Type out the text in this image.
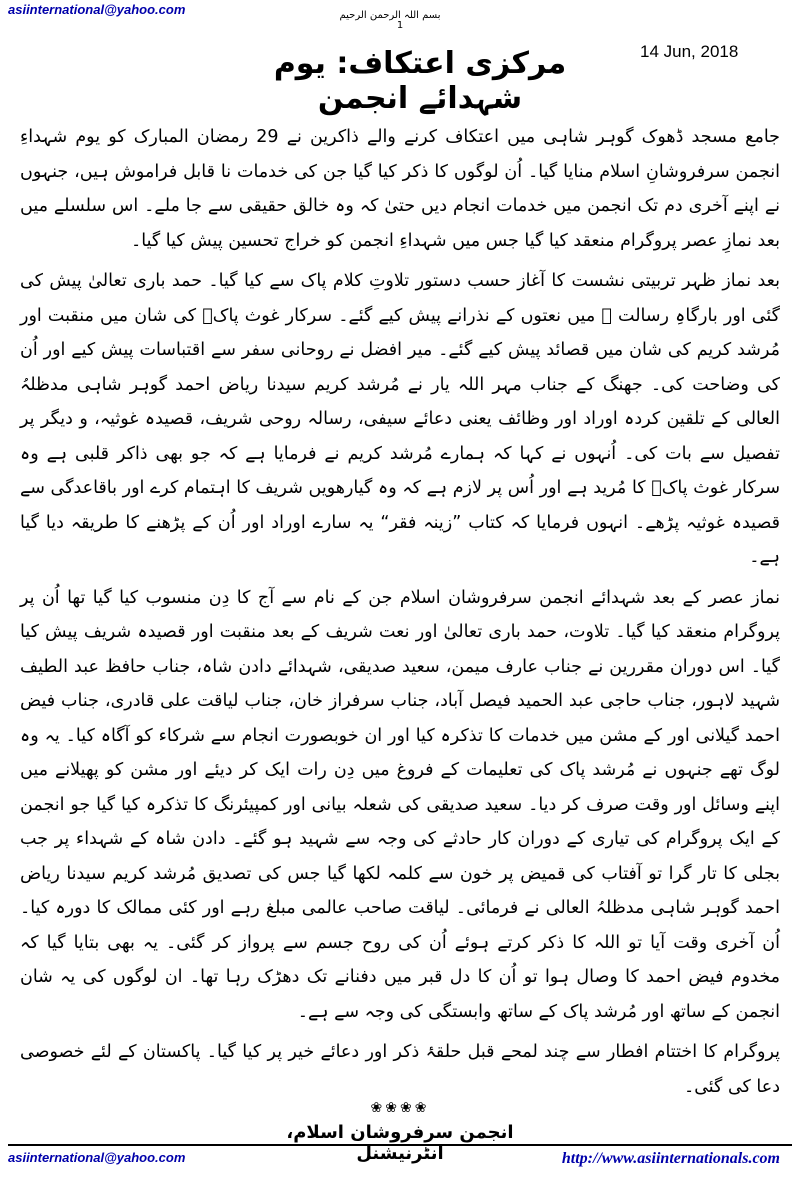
asiinternational@yahoo.com	بسم اللہ الرحمن الرحیم
1
14 Jun, 2018
مرکزی اعتکاف: یوم شہدائے انجمن

جامع مسجد ڈھوک گوہر شاہی میں اعتکاف کرنے والے ذاکرین نے 29 رمضان المبارک کو یوم شہداءِ انجمن سرفروشانِ اسلام منایا گیا۔ اُن لوگوں کا ذکر کیا گیا جن کی خدمات نا قابل فراموش ہیں، جنہوں نے اپنے آخری دم تک انجمن میں خدمات انجام دیں حتیٰ کہ وہ خالق حقیقی سے جا ملے۔ اس سلسلے میں بعد نمازِ عصر پروگرام منعقد کیا گیا جس میں شہداءِ انجمن کو خراج تحسین پیش کیا گیا۔

بعد نماز ظہر تربیتی نشست کا آغاز حسب دستور تلاوتِ کلام پاک سے کیا گیا۔ حمد باری تعالیٰ پیش کی گئی اور بارگاہِ رسالت ﷺ میں نعتوں کے نذرانے پیش کیے گئے۔ سرکار غوث پاکؓ کی شان میں منقبت اور مُرشد کریم کی شان میں قصائد پیش کیے گئے۔ میر افضل نے روحانی سفر سے اقتباسات پیش کیے اور اُن کی وضاحت کی۔ جھنگ کے جناب مہر اللہ یار نے مُرشد کریم سیدنا ریاض احمد گوہر شاہی مدظلہُ العالی کے تلقین کردہ اوراد اور وظائف یعنی دعائے سیفی، رسالہ روحی شریف، قصیدہ غوثیہ، و دیگر پر تفصیل سے بات کی۔ اُنہوں نے کہا کہ ہمارے مُرشد کریم نے فرمایا ہے کہ جو بھی ذاکر قلبی ہے وہ سرکار غوث پاکؓ کا مُرید ہے اور اُس پر لازم ہے کہ وہ گیارھویں شریف کا اہتمام کرے اور باقاعدگی سے قصیدہ غوثیہ پڑھے۔ انہوں فرمایا کہ کتاب ”زینہ فقر“ یہ سارے اوراد اور اُن کے پڑھنے کا طریقہ دیا گیا ہے۔

نماز عصر کے بعد شہدائے انجمن سرفروشان اسلام جن کے نام سے آج کا دِن منسوب کیا گیا تھا اُن پر پروگرام منعقد کیا گیا۔ تلاوت، حمد باری تعالیٰ اور نعت شریف کے بعد منقبت اور قصیدہ شریف پیش کیا گیا۔ اس دوران مقررین نے جناب عارف میمن، سعید صدیقی، شہدائے دادن شاہ، جناب حافظ عبد الطیف شہید لاہور، جناب حاجی عبد الحمید فیصل آباد، جناب سرفراز خان، جناب لیاقت علی قادری، جناب فیض احمد گیلانی اور کے مشن میں خدمات کا تذکرہ کیا اور ان خوبصورت انجام سے شرکاء کو آگاہ کیا۔ یہ وہ لوگ تھے جنہوں نے مُرشد پاک کی تعلیمات کے فروغ میں دِن رات ایک کر دیئے اور مشن کو پھیلانے میں اپنے وسائل اور وقت صرف کر دیا۔ سعید صدیقی کی شعلہ بیانی اور کمپیئرنگ کا تذکرہ کیا گیا جو انجمن کے ایک پروگرام کی تیاری کے دوران کار حادثے کی وجہ سے شہید ہو گئے۔ دادن شاہ کے شہداء پر جب بجلی کا تار گرا تو آفتاب کی قمیض پر خون سے کلمہ لکھا گیا جس کی تصدیق مُرشد کریم سیدنا ریاض احمد گوہر شاہی مدظلہُ العالی نے فرمائی۔ لیاقت صاحب عالمی مبلغ رہے اور کئی ممالک کا دورہ کیا۔ اُن آخری وقت آیا تو اللہ کا ذکر کرتے ہوئے اُن کی روح جسم سے پرواز کر گئی۔ یہ بھی بتایا گیا کہ مخدوم فیض احمد کا وصال ہوا تو اُن کا دل قبر میں دفنانے تک دھڑک رہا تھا۔ ان لوگوں کی یہ شان انجمن کے ساتھ اور مُرشد پاک کے ساتھ وابستگی کی وجہ سے ہے۔

پروگرام کا اختتام افطار سے چند لمحے قبل حلقۂ ذکر اور دعائے خیر پر کیا گیا۔ پاکستان کے لئے خصوصی دعا کی گئی۔

❀❀❀❀
انجمن سرفروشان اسلام، انٹرنیشنل
asiinternational@yahoo.com	http://www.asiinternationals.com
